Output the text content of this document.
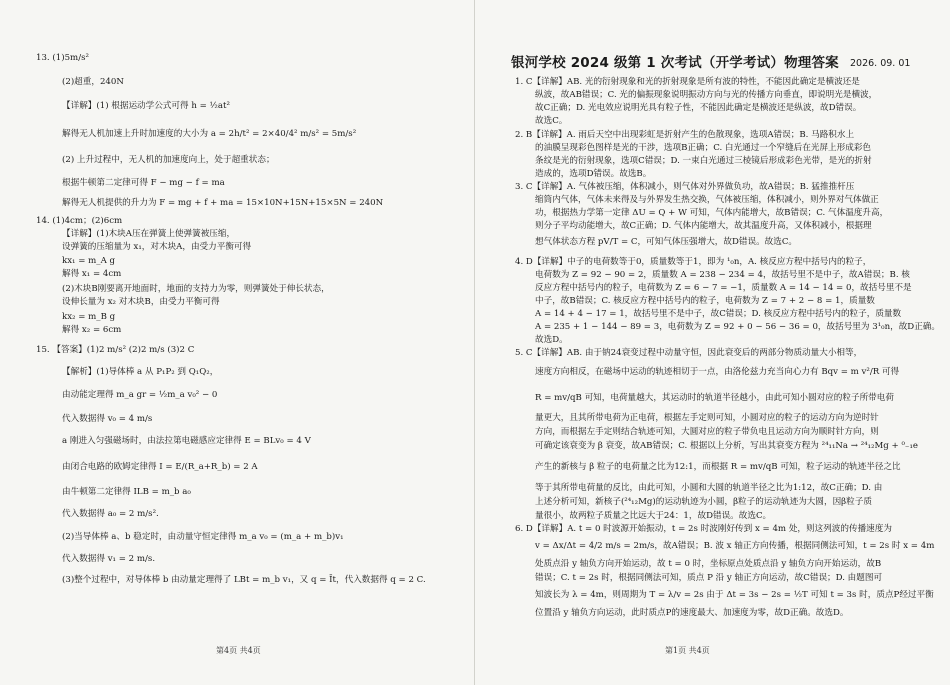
第4页 共4页
13. (1)5m/s²
(2)超重，240N
【详解】(1) 根据运动学公式可得 h = ½at²
解得无人机加速上升时加速度的大小为 a = 2h/t² = 2×40/4² m/s² = 5m/s²
(2) 上升过程中，无人机的加速度向上，处于超重状态；
根据牛顿第二定律可得 F − mg − f = ma
解得无人机提供的升力为 F = mg + f + ma = 15×10N+15N+15×5N = 240N
14. (1)4cm；(2)6cm
【详解】(1)木块A压在弹簧上使弹簧被压缩，
设弹簧的压缩量为 x₁，对木块A，由受力平衡可得
kx₁ = m_A g
解得 x₁ = 4cm
(2)木块B刚要离开地面时，地面的支持力为零，则弹簧处于伸长状态，
设伸长量为 x₂ 对木块B，由受力平衡可得
kx₂ = m_B g
解得 x₂ = 6cm
15. 【答案】(1)2 m/s² (2)2 m/s (3)2 C
【解析】(1)导体棒 a 从 P₁P₂ 到 Q₁Q₂，
由动能定理得 m_a gr = ½m_a v₀² − 0
代入数据得 v₀ = 4 m/s
a 刚进入匀强磁场时，由法拉第电磁感应定律得 E = BLv₀ = 4 V
由闭合电路的欧姆定律得 I = E/(R_a+R_b) = 2 A
由牛顿第二定律得 ILB = m_b a₀
代入数据得 a₀ = 2 m/s².
(2)当导体棒 a、b 稳定时，由动量守恒定律得 m_a v₀ = (m_a + m_b)v₁
代入数据得 v₁ = 2 m/s.
(3)整个过程中，对导体棒 b 由动量定理得了 LBt = m_b v₁，又 q = Īt，代入数据得 q = 2 C.
银河学校 2024 级第 1 次考试（开学考试）物理答案 2026. 09. 01
第1页 共4页
1. C【详解】AB. 光的衍射现象和光的折射现象是所有波的特性，不能因此确定是横波还是
纵波，故AB错误；C. 光的偏振现象说明振动方向与光的传播方向垂直，即说明光是横波，
故C正确；D. 光电效应说明光具有粒子性，不能因此确定是横波还是纵波，故D错误。
故选C。
2. B【详解】A. 雨后天空中出现彩虹是折射产生的色散现象，选项A错误；B. 马路积水上
的油膜呈现彩色图样是光的干涉，选项B正确；C. 白光通过一个窄缝后在光屏上形成彩色
条纹是光的衍射现象，选项C错误；D. 一束白光通过三棱镜后形成彩色光带，是光的折射
造成的，选项D错误。故选B。
3. C【详解】A. 气体被压缩，体积减小，则气体对外界做负功，故A错误；B. 猛推推杆压
缩筒内气体，气体未来得及与外界发生热交换，气体被压缩，体积减小，则外界对气体做正
功，根据热力学第一定律 ΔU = Q + W 可知，气体内能增大，故B错误；C. 气体温度升高，
则分子平均动能增大，故C正确；D. 气体内能增大，故其温度升高，又体积减小，根据理
想气体状态方程 pV/T = C，可知气体压强增大，故D错误。故选C。
4. D【详解】中子的电荷数等于0，质量数等于1，即为 ¹₀n，A. 核反应方程中括号内的粒子，
电荷数为 Z = 92 − 90 = 2，质量数 A = 238 − 234 = 4，故括号里不是中子，故A错误；B. 核
反应方程中括号内的粒子，电荷数为 Z = 6 − 7 = −1，质量数 A = 14 − 14 = 0，故括号里不是
中子，故B错误；C. 核反应方程中括号内的粒子，电荷数为 Z = 7 + 2 − 8 = 1，质量数
A = 14 + 4 − 17 = 1，故括号里不是中子，故C错误；D. 核反应方程中括号内的粒子，质量数
A = 235 + 1 − 144 − 89 = 3，电荷数为 Z = 92 + 0 − 56 − 36 = 0，故括号里为 3¹₀n，故D正确。
故选D。
5. C【详解】AB. 由于钠24衰变过程中动量守恒，因此衰变后的两部分物质动量大小相等，
速度方向相反，在磁场中运动的轨迹相切于一点，由洛伦兹力充当向心力有 Bqv = m v²/R 可得
R = mv/qB 可知，电荷量越大，其运动时的轨道半径越小，由此可知小圆对应的粒子所带电荷
量更大，且其所带电荷为正电荷，根据左手定则可知，小圆对应的粒子的运动方向为逆时针
方向，而根据左手定则结合轨迹可知，大圆对应的粒子带负电且运动方向为顺时针方向，则
可确定该衰变为 β 衰变，故AB错误；C. 根据以上分析，写出其衰变方程为 ²⁴₁₁Na → ²⁴₁₂Mg + ⁰₋₁e
产生的新核与 β 粒子的电荷量之比为12:1，而根据 R = mv/qB 可知，粒子运动的轨迹半径之比
等于其所带电荷量的反比，由此可知，小圆和大圆的轨道半径之比为1:12，故C正确；D. 由
上述分析可知，新核子(²⁴₁₂Mg)的运动轨迹为小圆，β粒子的运动轨迹为大圆，因β粒子质
量很小，故两粒子质量之比远大于24：1，故D错误。故选C。
6. D【详解】A. t = 0 时波源开始振动，t = 2s 时波刚好传到 x = 4m 处，则这列波的传播速度为
v = Δx/Δt = 4/2 m/s = 2m/s，故A错误；B. 波 x 轴正方向传播，根据同侧法可知，t = 2s 时 x = 4m
处质点沿 y 轴负方向开始运动，故 t = 0 时，坐标原点处质点沿 y 轴负方向开始运动，故B
错误；C. t = 2s 时，根据同侧法可知，质点 P 沿 y 轴正方向运动，故C错误；D. 由题图可
知波长为 λ = 4m，则周期为 T = λ/v = 2s 由于 Δt = 3s − 2s = ½T 可知 t = 3s 时，质点P经过平衡
位置沿 y 轴负方向运动，此时质点P的速度最大、加速度为零，故D正确。故选D。
